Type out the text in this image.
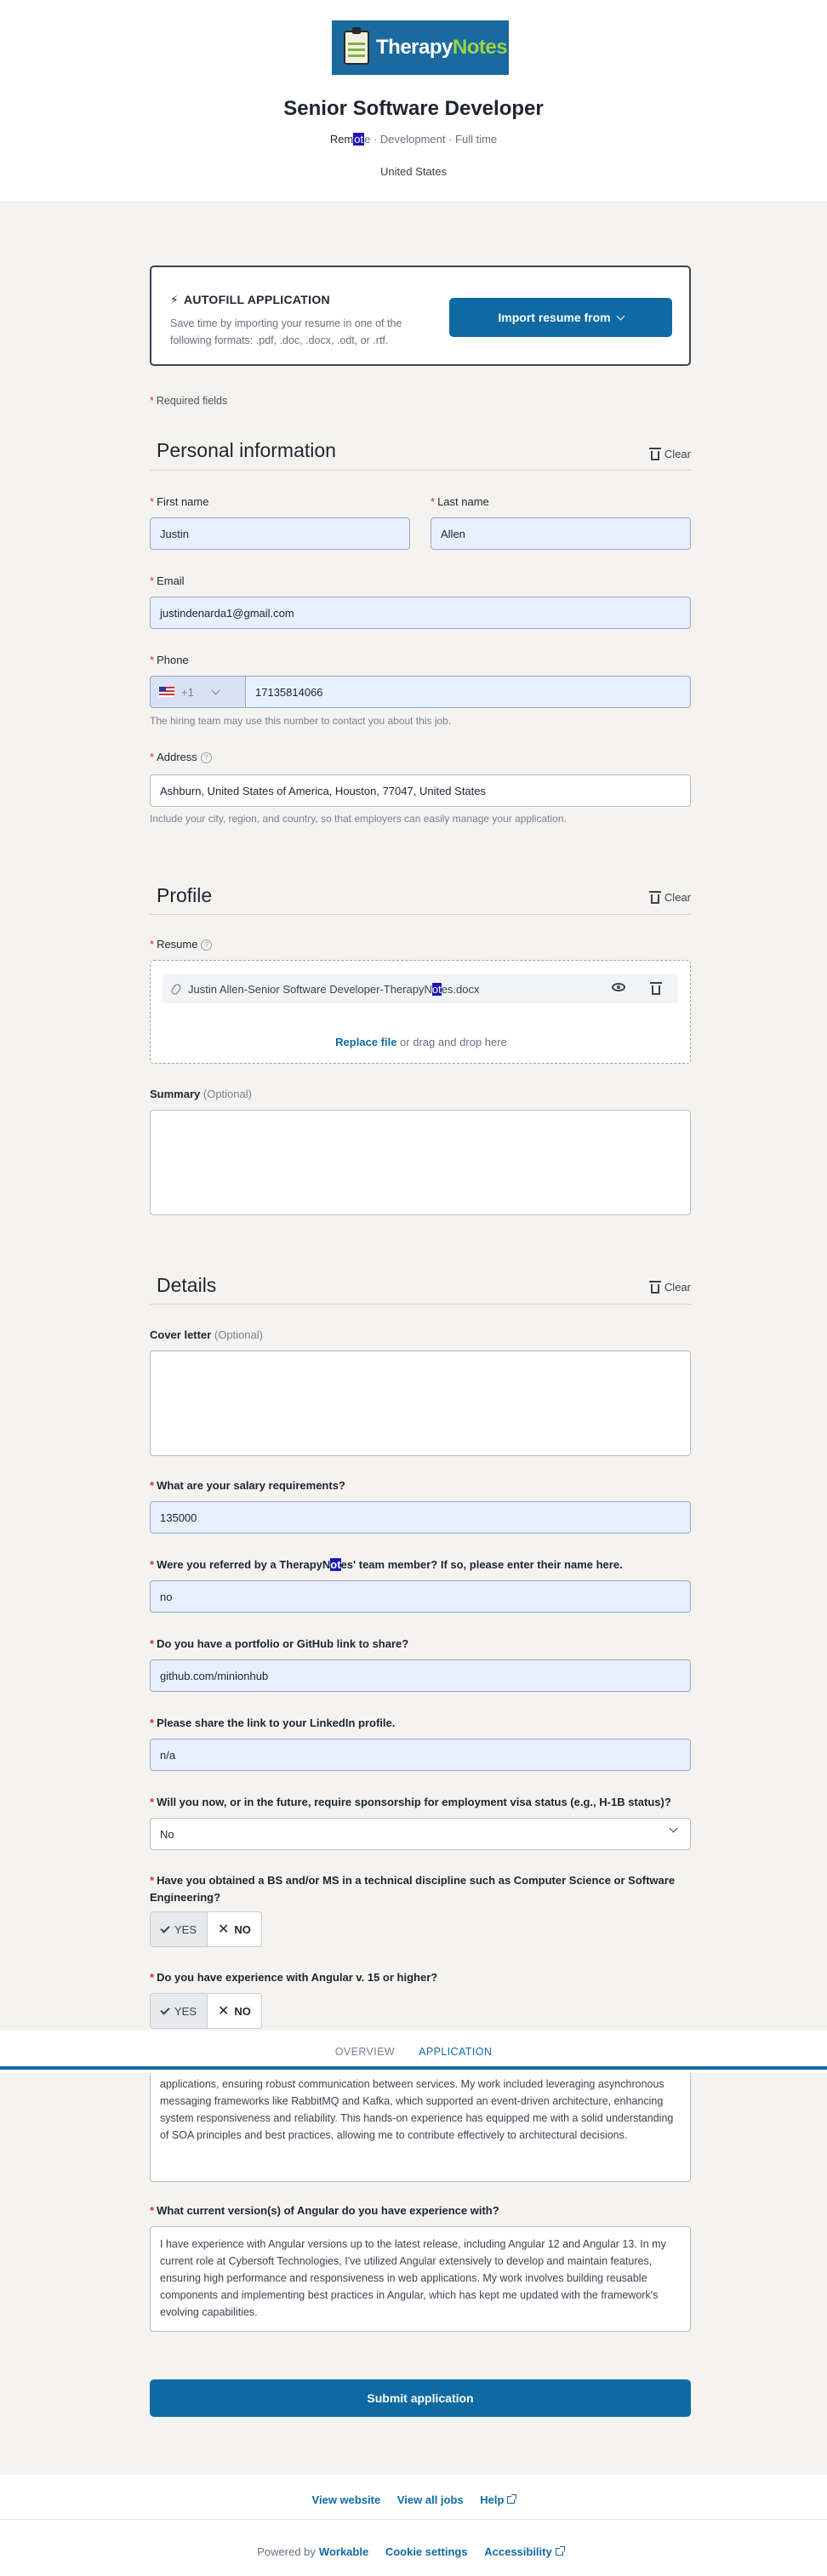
TherapyNotes
Senior Software Developer
Remote · Development · Full time
United States
⚡ AUTOFILL APPLICATION
Save time by importing your resume in one of the following formats: .pdf, .doc, .docx, .odt, or .rtf.
Import resume from
* Required fields
Personal information	Clear
* First name
Justin
* Last name
Allen
* Email
justindenarda1@gmail.com
* Phone
+1	17135814066
The hiring team may use this number to contact you about this job.
* Address ?
Ashburn, United States of America, Houston, 77047, United States
Include your city, region, and country, so that employers can easily manage your application.
Profile	Clear
* Resume ?
Justin Allen-Senior Software Developer-TherapyNotes.docx
Replace file or drag and drop here
Summary (Optional)
Details	Clear
Cover letter (Optional)
* What are your salary requirements?
135000
* Were you referred by a TherapyNotes' team member? If so, please enter their name here.
no
* Do you have a portfolio or GitHub link to share?
github.com/minionhub
* Please share the link to your LinkedIn profile.
n/a
* Will you now, or in the future, require sponsorship for employment visa status (e.g., H-1B status)?
No
* Have you obtained a BS and/or MS in a technical discipline such as Computer Science or Software Engineering?
YES ✕ NO
* Do you have experience with Angular v. 15 or higher?
YES ✕ NO
applications, ensuring robust communication between services. My work included leveraging asynchronous messaging frameworks like RabbitMQ and Kafka, which supported an event-driven architecture, enhancing system responsiveness and reliability. This hands-on experience has equipped me with a solid understanding of SOA principles and best practices, allowing me to contribute effectively to architectural decisions.
OVERVIEW APPLICATION
* What current version(s) of Angular do you have experience with?
I have experience with Angular versions up to the latest release, including Angular 12 and Angular 13. In my current role at Cybersoft Technologies, I've utilized Angular extensively to develop and maintain features, ensuring high performance and responsiveness in web applications. My work involves building reusable components and implementing best practices in Angular, which has kept me updated with the framework's evolving capabilities.
Submit application
View website View all jobs Help
Powered by Workable Cookie settings Accessibility
